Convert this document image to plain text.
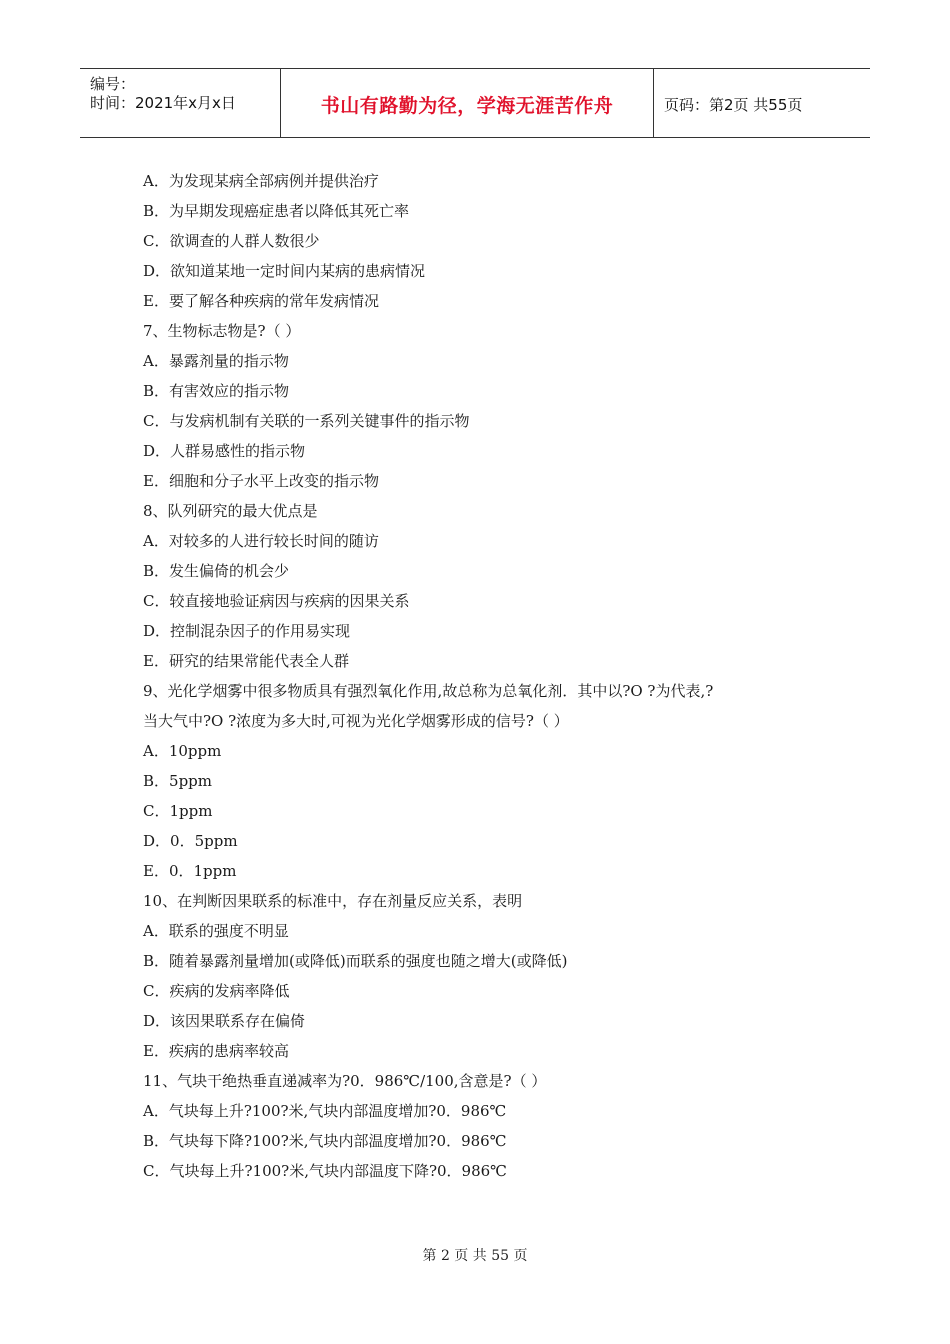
编号：
时间：2021年x月x日	书山有路勤为径，学海无涯苦作舟	页码：第2页 共55页
A．为发现某病全部病例并提供治疗
B．为早期发现癌症患者以降低其死亡率
C．欲调查的人群人数很少
D．欲知道某地一定时间内某病的患病情况
E．要了解各种疾病的常年发病情况
7、生物标志物是?（ ）
A．暴露剂量的指示物
B．有害效应的指示物
C．与发病机制有关联的一系列关键事件的指示物
D．人群易感性的指示物
E．细胞和分子水平上改变的指示物
8、队列研究的最大优点是
A．对较多的人进行较长时间的随访
B．发生偏倚的机会少
C．较直接地验证病因与疾病的因果关系
D．控制混杂因子的作用易实现
E．研究的结果常能代表全人群
9、光化学烟雾中很多物质具有强烈氧化作用,故总称为总氧化剂．其中以?O ?为代表,?
当大气中?O ?浓度为多大时,可视为光化学烟雾形成的信号?（ ）
A．10ppm
B．5ppm
C．1ppm
D．0．5ppm
E．0．1ppm
10、在判断因果联系的标准中，存在剂量反应关系，表明
A．联系的强度不明显
B．随着暴露剂量增加(或降低)而联系的强度也随之增大(或降低)
C．疾病的发病率降低
D．该因果联系存在偏倚
E．疾病的患病率较高
11、气块干绝热垂直递减率为?0．986℃/100,含意是?（ ）
A．气块每上升?100?米,气块内部温度增加?0．986℃
B．气块每下降?100?米,气块内部温度增加?0．986℃
C．气块每上升?100?米,气块内部温度下降?0．986℃
第 2 页 共 55 页
